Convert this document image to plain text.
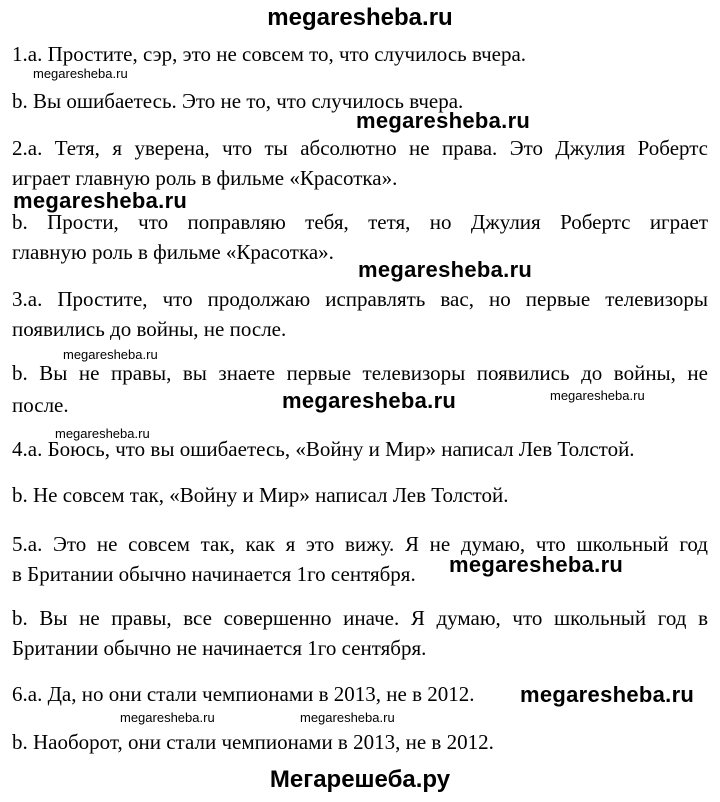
megaresheba.ru
1.a. Простите, сэр, это не совсем то, что случилось вчера.
b. Вы ошибаетесь. Это не то, что случилось вчера.
2.a. Тетя, я уверена, что ты абсолютно не права. Это Джулия Робертс
играет главную роль в фильме «Красотка».
b. Прости, что поправляю тебя, тетя, но Джулия Робертс играет
главную роль в фильме «Красотка».
3.a. Простите, что продолжаю исправлять вас, но первые телевизоры
появились до войны, не после.
b. Вы не правы, вы знаете первые телевизоры появились до войны, не
после.
4.a. Боюсь, что вы ошибаетесь, «Войну и Мир» написал Лев Толстой.
b. Не совсем так, «Войну и Мир» написал Лев Толстой.
5.a. Это не совсем так, как я это вижу. Я не думаю, что школьный год
в Британии обычно начинается 1го сентября.
b. Вы не правы, все совершенно иначе. Я думаю, что школьный год в
Британии обычно не начинается 1го сентября.
6.a. Да, но они стали чемпионами в 2013, не в 2012.
b. Наоборот, они стали чемпионами в 2013, не в 2012.
megaresheba.ru
megaresheba.ru
megaresheba.ru
megaresheba.ru
megaresheba.ru
megaresheba.ru	megaresheba.ru
megaresheba.ru
megaresheba.ru
megaresheba.ru
megaresheba.ru	megaresheba.ru
Мегарешеба.ру
